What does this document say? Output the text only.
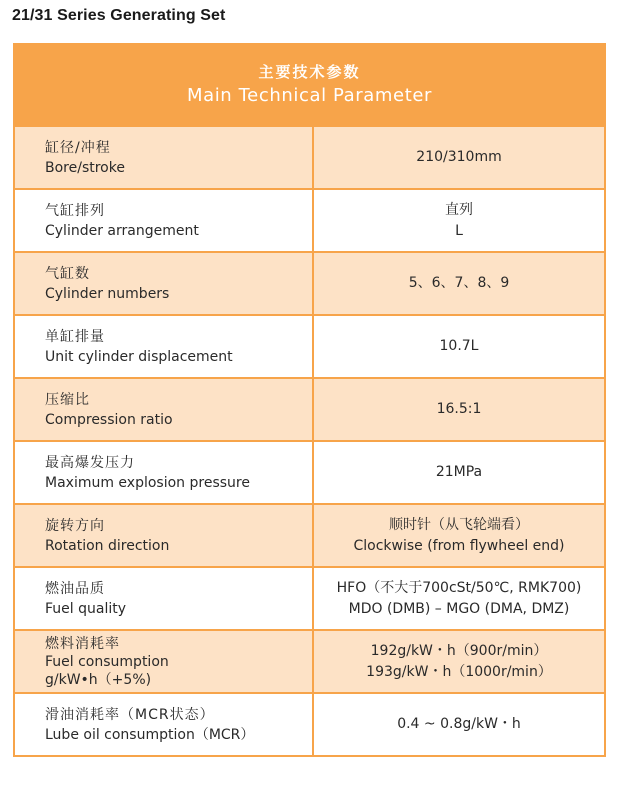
21/31 Series Generating Set
主要技术参数
Main Technical Parameter
缸径/冲程
Bore/stroke
210/310mm
气缸排列
Cylinder arrangement
直列
L
气缸数
Cylinder numbers
5、6、7、8、9
单缸排量
Unit cylinder displacement
10.7L
压缩比
Compression ratio
16.5:1
最高爆发压力
Maximum explosion pressure
21MPa
旋转方向
Rotation direction
顺时针（从飞轮端看）
Clockwise (from flywheel end)
燃油品质
Fuel quality
HFO（不大于700cSt/50℃, RMK700)
MDO (DMB) – MGO (DMA, DMZ)
燃料消耗率
Fuel consumption
g/kW•h（+5%)
192g/kW・h（900r/min）
193g/kW・h（1000r/min）
滑油消耗率（MCR状态）
Lube oil consumption（MCR）
0.4 ~ 0.8g/kW・h
